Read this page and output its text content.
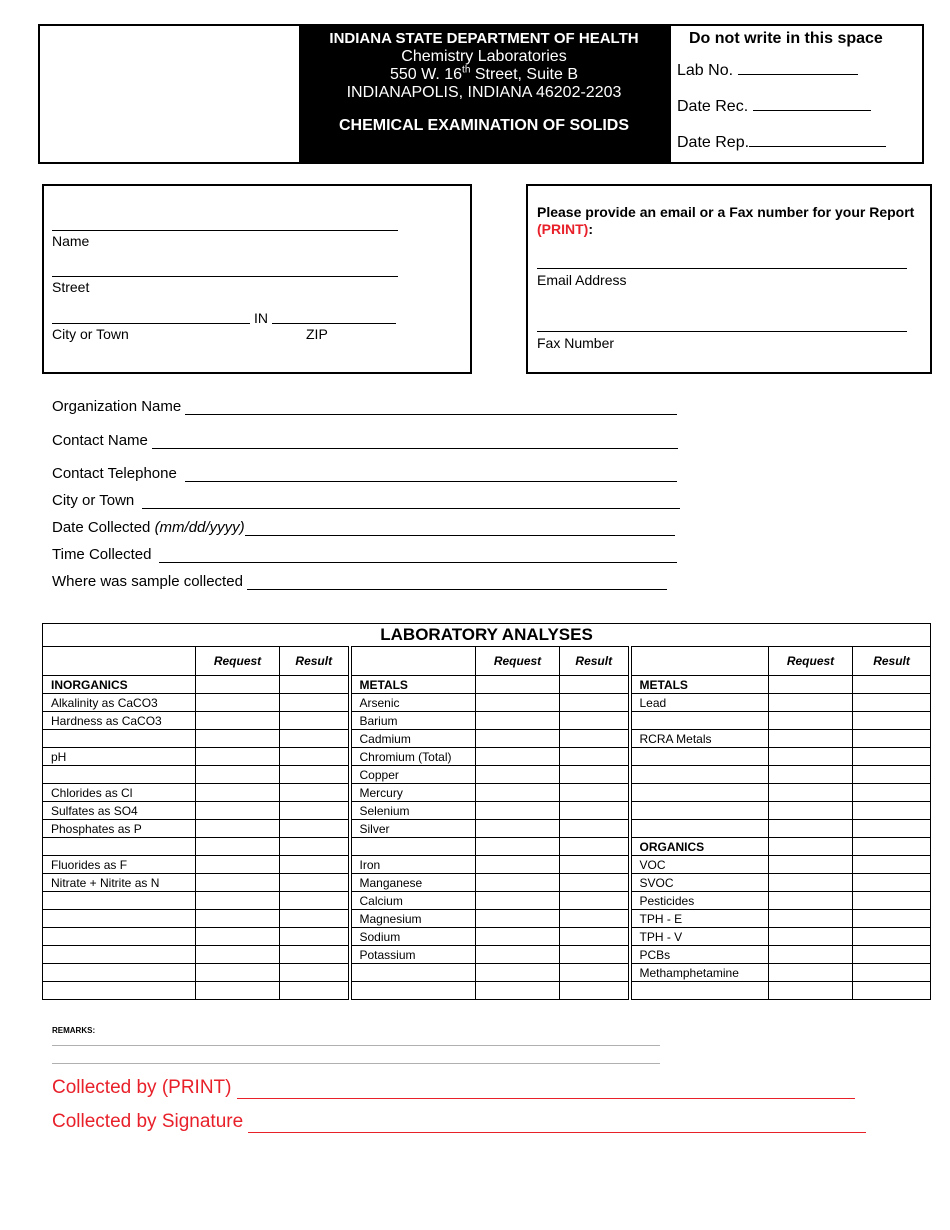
INDIANA STATE DEPARTMENT OF HEALTH
Chemistry Laboratories
550 W. 16th Street, Suite B
INDIANAPOLIS, INDIANA 46202-2203
CHEMICAL EXAMINATION OF SOLIDS
Do not write in this space
Lab No.
Date Rec.
Date Rep.
Name
Street
IN
City or Town	ZIP
Please provide an email or a Fax number for your Report (PRINT):
Email Address
Fax Number
Organization Name
Contact Name
Contact Telephone
City or Town
Date Collected
(mm/dd/yyyy)
Time Collected
Where was sample collected
LABORATORY ANALYSES								
	Request	Result		Request	Result		Request	Result
INORGANICS			METALS			METALS		
Alkalinity as CaCO3			Arsenic			Lead		
Hardness as CaCO3			Barium					
			Cadmium			RCRA Metals		
pH			Chromium (Total)					
			Copper					
Chlorides as Cl			Mercury					
Sulfates as SO4			Selenium					
Phosphates as P			Silver					
						ORGANICS		
Fluorides as F			Iron			VOC		
Nitrate + Nitrite as N			Manganese			SVOC		
			Calcium			Pesticides		
			Magnesium			TPH - E		
			Sodium			TPH - V		
			Potassium			PCBs		
						Methamphetamine		

REMARKS:
Collected by (PRINT)
Collected by Signature
